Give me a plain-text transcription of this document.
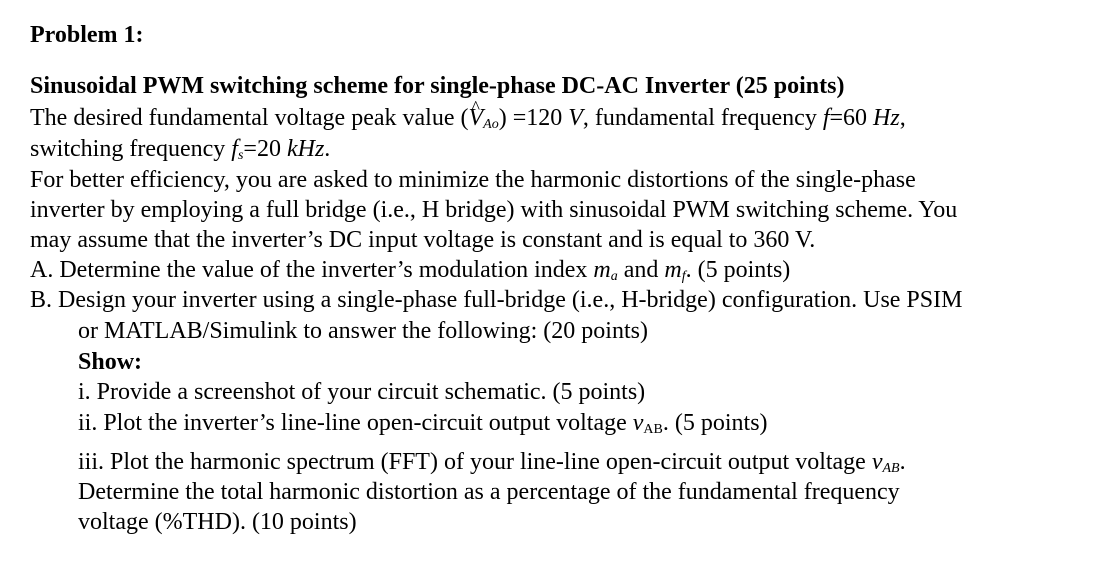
Problem 1:
Sinusoidal PWM switching scheme for single-phase DC-AC Inverter (25 points)
The desired fundamental voltage peak value (^ $V_{Ao}) =120$ V, fundamental frequency f=60 Hz,
switching frequency $f_s=20$ kHz.
For better efficiency, you are asked to minimize the harmonic distortions of the single-phase
inverter by employing a full bridge (i.e., H bridge) with sinusoidal PWM switching scheme. You
may assume that the inverter’s DC input voltage is constant and is equal to 360 V.
A. Determine the value of the inverter’s modulation index $m_a$ and $m_f$. (5 points)
B. Design your inverter using a single-phase full-bridge (i.e., H-bridge) configuration. Use PSIM
or MATLAB/Simulink to answer the following: (20 points)
Show:
i. Provide a screenshot of your circuit schematic. (5 points)
ii. Plot the inverter’s line-line open-circuit output voltage $v_{AB}$. (5 points)
iii. Plot the harmonic spectrum (FFT) of your line-line open-circuit output voltage $v_{AB}$.
Determine the total harmonic distortion as a percentage of the fundamental frequency
voltage (%THD). (10 points)
